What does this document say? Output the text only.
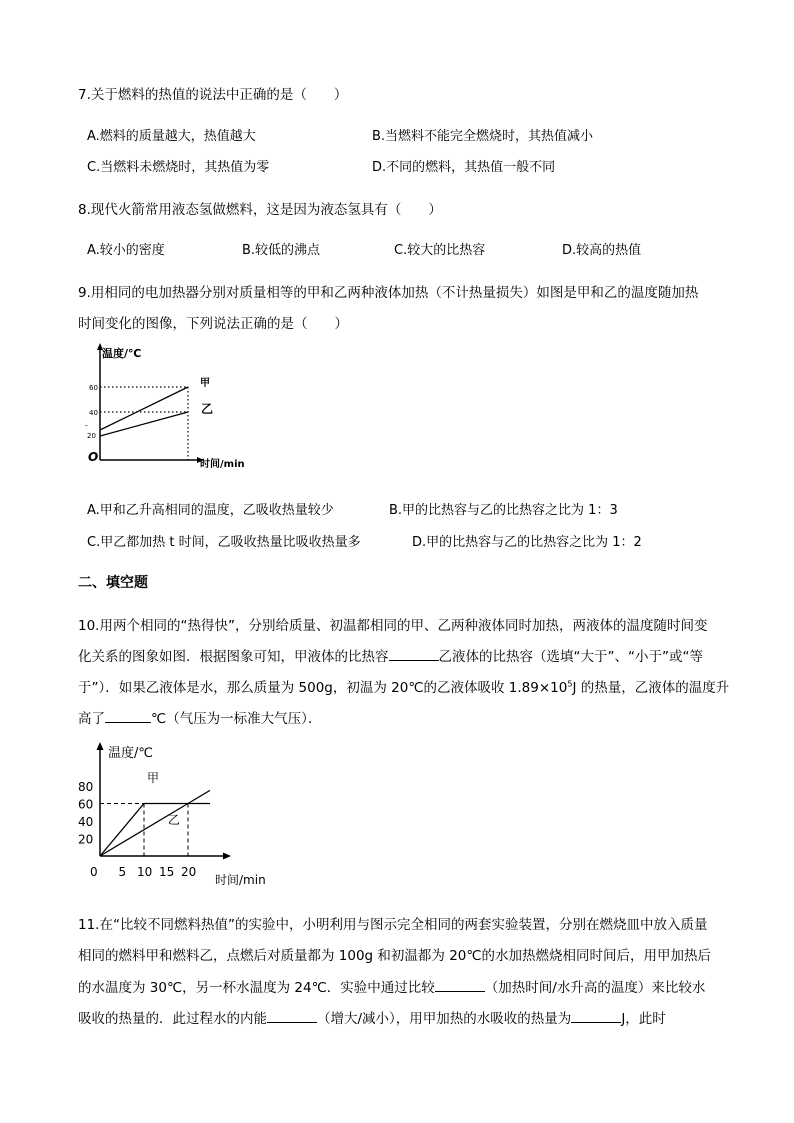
7.关于燃料的热值的说法中正确的是（　　）
A.燃料的质量越大，热值越大	B.当燃料不能完全燃烧时，其热值减小
C.当燃料未燃烧时，其热值为零	D.不同的燃料，其热值一般不同
8.现代火箭常用液态氢做燃料，这是因为液态氢具有（　　）
A.较小的密度	B.较低的沸点	C.较大的比热容	D.较高的热值
9.用相同的电加热器分别对质量相等的甲和乙两种液体加热（不计热量损失）如图是甲和乙的温度随加热
时间变化的图像，下列说法正确的是（　　）
温度/℃
60
40
20
-
O
甲
乙
时间/min
A.甲和乙升高相同的温度，乙吸收热量较少	B.甲的比热容与乙的比热容之比为 1：3
C.甲乙都加热 t 时间，乙吸收热量比吸收热量多	D.甲的比热容与乙的比热容之比为 1：2
二、填空题
10.用两个相同的“热得快”，分别给质量、初温都相同的甲、乙两种液体同时加热，两液体的温度随时间变
化关系的图象如图．根据图象可知，甲液体的比热容	乙液体的比热容（选填“大于”、“小于”或“等
于”）．如果乙液体是水，那么质量为 500g，初温为 20℃的乙液体吸收 $1.89\times 10^5J$ 的热量，乙液体的温度升
高了	℃（气压为一标准大气压）．
0 5 10 15 20
20
40
60
80
温度/℃
时间/min
甲
乙
11.在“比较不同燃料热值”的实验中，小明利用与图示完全相同的两套实验装置，分别在燃烧皿中放入质量
相同的燃料甲和燃料乙，点燃后对质量都为 100g 和初温都为 20℃的水加热燃烧相同时间后，用甲加热后
的水温度为 30℃，另一杯水温度为 24℃．实验中通过比较	（加热时间/水升高的温度）来比较水
吸收的热量的．此过程水的内能	（增大/减小），用甲加热的水吸收的热量为	J，此时
